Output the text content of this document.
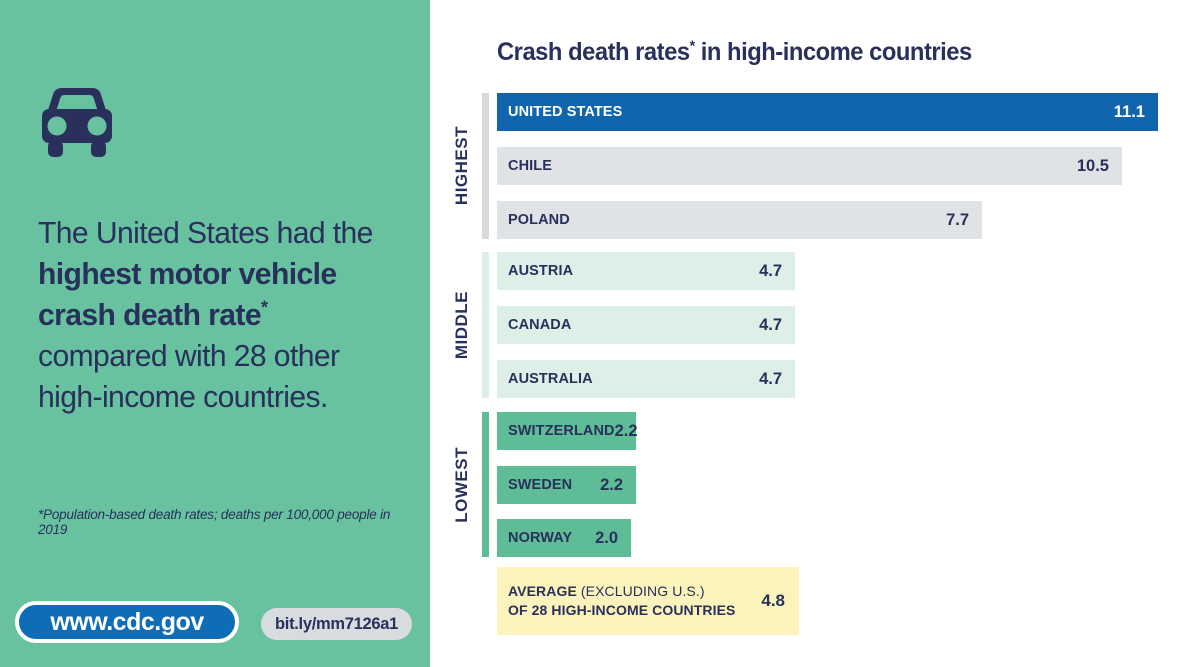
The United States had the
highest motor vehicle
crash death rate*
compared with 28 other
high-income countries.
*Population-based death rates; deaths per 100,000 people in 2019
www.cdc.gov	bit.ly/mm7126a1
Crash death rates* in high-income countries
HIGHEST
MIDDLE
LOWEST
UNITED STATES	11.1
CHILE	10.5
POLAND	7.7
AUSTRIA	4.7
CANADA	4.7
AUSTRALIA	4.7
SWITZERLAND 2.2
SWEDEN 2.2
NORWAY 2.0
AVERAGE (EXCLUDING U.S.)
OF 28 HIGH-INCOME COUNTRIES 4.8
